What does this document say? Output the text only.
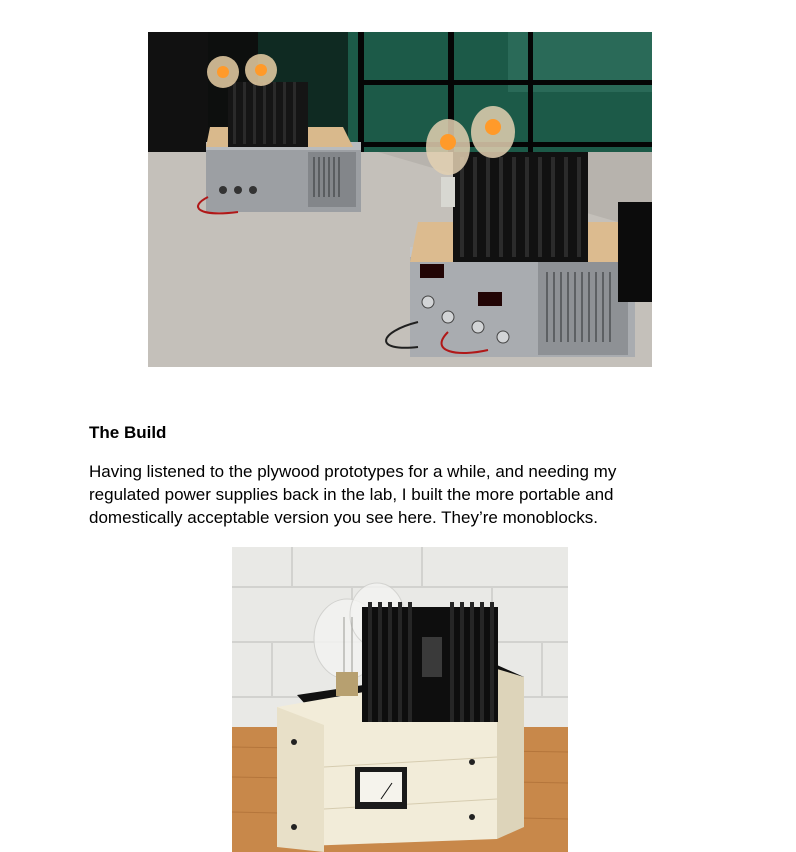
The Build
Having listened to the plywood prototypes for a while, and needing my
regulated power supplies back in the lab, I built the more portable and
domestically acceptable version you see here. They’re monoblocks.
